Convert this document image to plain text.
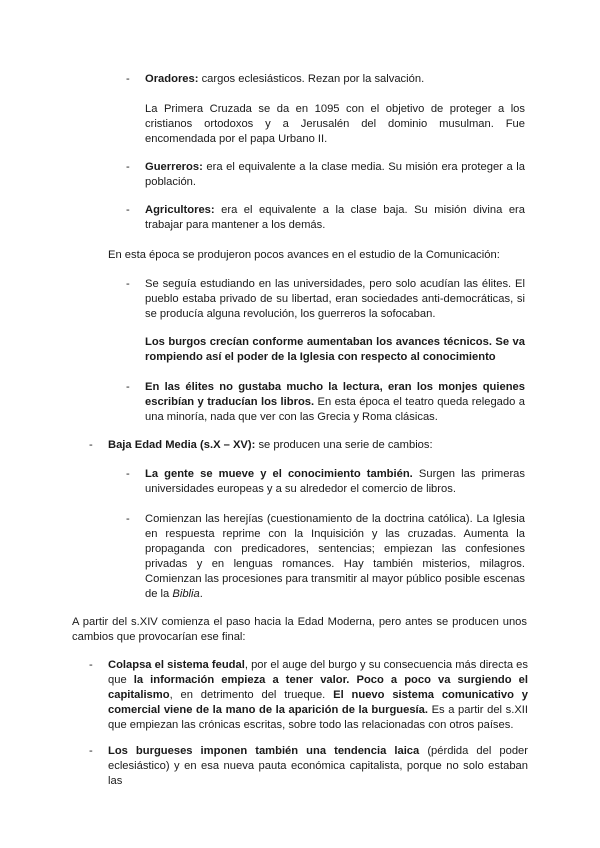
- Oradores: cargos eclesiásticos. Rezan por la salvación.

La Primera Cruzada se da en 1095 con el objetivo de proteger a los cristianos ortodoxos y a Jerusalén del dominio musulman. Fue encomendada por el papa Urbano II.

- Guerreros: era el equivalente a la clase media. Su misión era proteger a la población.

- Agricultores: era el equivalente a la clase baja. Su misión divina era trabajar para mantener a los demás.

En esta época se produjeron pocos avances en el estudio de la Comunicación:

- Se seguía estudiando en las universidades, pero solo acudían las élites. El pueblo estaba privado de su libertad, eran sociedades anti-democráticas, si se producía alguna revolución, los guerreros la sofocaban.

Los burgos crecían conforme aumentaban los avances técnicos. Se va rompiendo así el poder de la Iglesia con respecto al conocimiento

- En las élites no gustaba mucho la lectura, eran los monjes quienes escribían y traducían los libros. En esta época el teatro queda relegado a una minoría, nada que ver con las Grecia y Roma clásicas.

- Baja Edad Media (s.X – XV): se producen una serie de cambios:

- La gente se mueve y el conocimiento también. Surgen las primeras universidades europeas y a su alrededor el comercio de libros.

- Comienzan las herejías (cuestionamiento de la doctrina católica). La Iglesia en respuesta reprime con la Inquisición y las cruzadas. Aumenta la propaganda con predicadores, sentencias; empiezan las confesiones privadas y en lenguas romances. Hay también misterios, milagros. Comienzan las procesiones para transmitir al mayor público posible escenas de la Biblia.

A partir del s.XIV comienza el paso hacia la Edad Moderna, pero antes se producen unos cambios que provocarían ese final:

- Colapsa el sistema feudal, por el auge del burgo y su consecuencia más directa es que la información empieza a tener valor. Poco a poco va surgiendo el capitalismo, en detrimento del trueque. El nuevo sistema comunicativo y comercial viene de la mano de la aparición de la burguesía. Es a partir del s.XII que empiezan las crónicas escritas, sobre todo las relacionadas con otros países.

- Los burgueses imponen también una tendencia laica (pérdida del poder eclesiástico) y en esa nueva pauta económica capitalista, porque no solo estaban las
